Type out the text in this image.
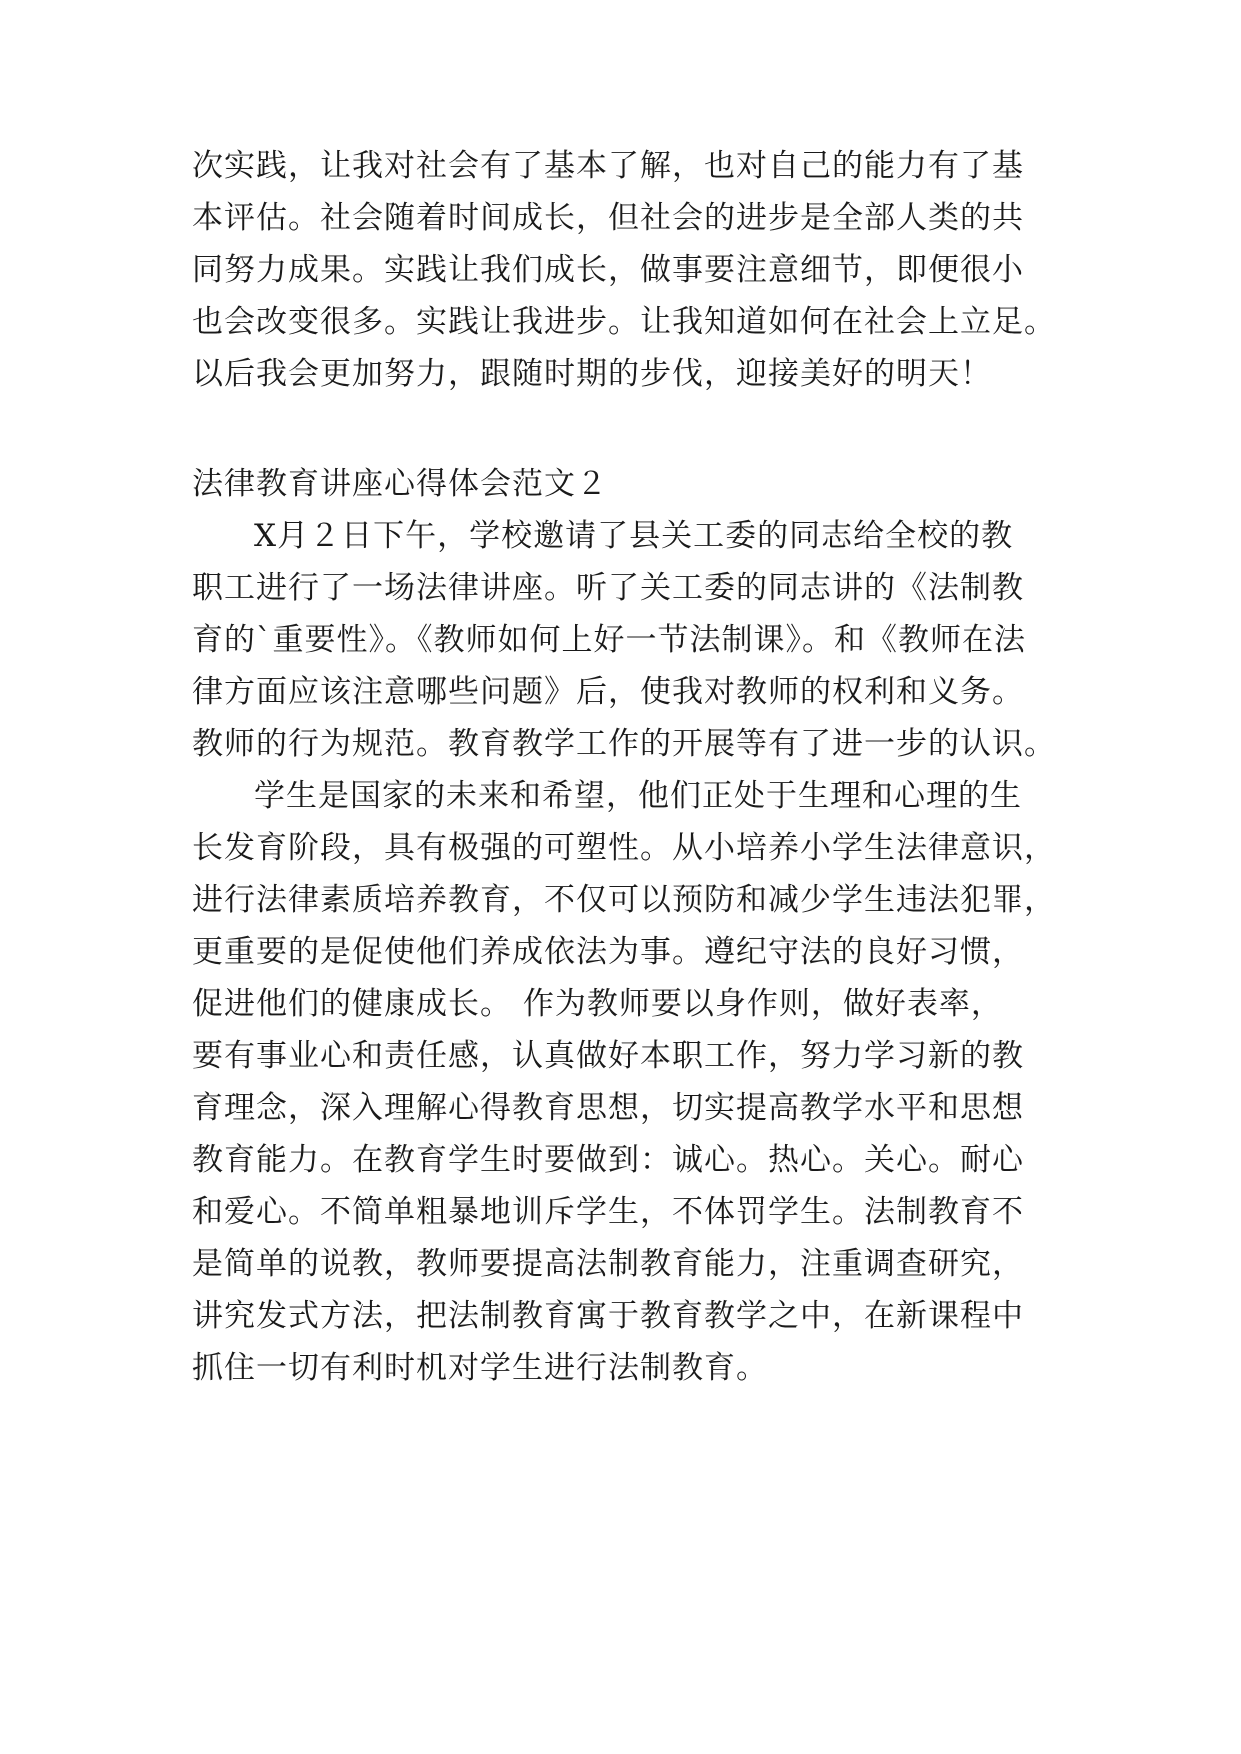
次实践，让我对社会有了基本了解，也对自己的能力有了基

本评估。社会随着时间成长，但社会的进步是全部人类的共

同努力成果。实践让我们成长，做事要注意细节，即便很小

也会改变很多。实践让我进步。让我知道如何在社会上立足。

以后我会更加努力，跟随时期的步伐，迎接美好的明天！

法律教育讲座心得体会范文２

X月２日下午，学校邀请了县关工委的同志给全校的教

职工进行了一场法律讲座。听了关工委的同志讲的《法制教

育的`重要性》。《教师如何上好一节法制课》。和《教师在法

律方面应该注意哪些问题》后，使我对教师的权利和义务。

教师的行为规范。教育教学工作的开展等有了进一步的认识。

学生是国家的未来和希望，他们正处于生理和心理的生

长发育阶段，具有极强的可塑性。从小培养小学生法律意识，

进行法律素质培养教育，不仅可以预防和减少学生违法犯罪，

更重要的是促使他们养成依法为事。遵纪守法的良好习惯，

促进他们的健康成长。 作为教师要以身作则，做好表率，

要有事业心和责任感，认真做好本职工作，努力学习新的教

育理念，深入理解心得教育思想，切实提高教学水平和思想

教育能力。在教育学生时要做到：诚心。热心。关心。耐心

和爱心。不简单粗暴地训斥学生，不体罚学生。法制教育不

是简单的说教，教师要提高法制教育能力，注重调查研究，

讲究发式方法，把法制教育寓于教育教学之中，在新课程中

抓住一切有利时机对学生进行法制教育。
